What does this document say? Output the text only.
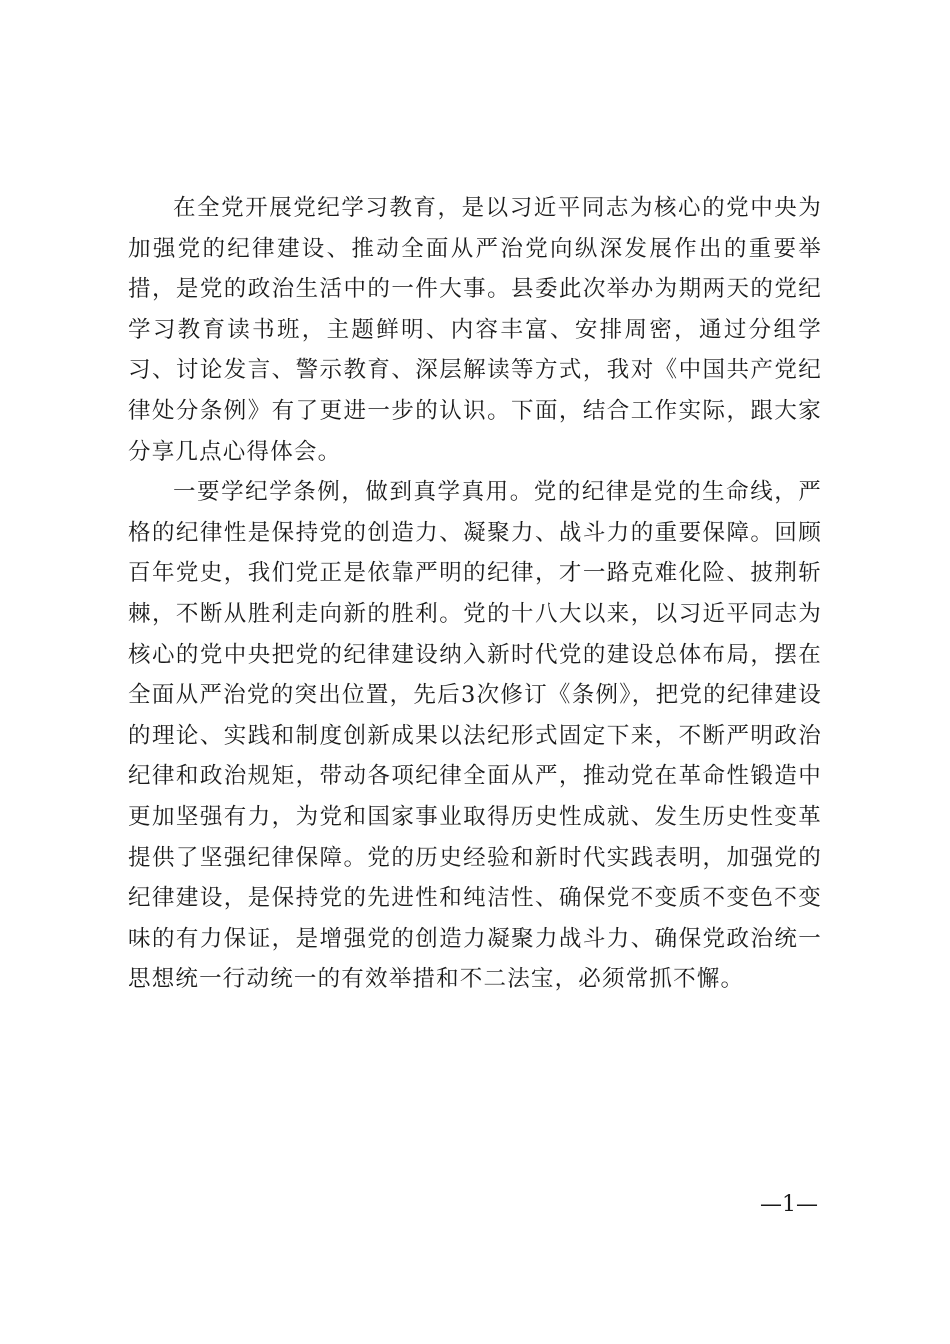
在全党开展党纪学习教育，是以习近平同志为核心的党中央为加强党的纪律建设、推动全面从严治党向纵深发展作出的重要举措，是党的政治生活中的一件大事。县委此次举办为期两天的党纪学习教育读书班，主题鲜明、内容丰富、安排周密，通过分组学习、讨论发言、警示教育、深层解读等方式，我对《中国共产党纪律处分条例》有了更进一步的认识。下面，结合工作实际，跟大家分享几点心得体会。

一要学纪学条例，做到真学真用。党的纪律是党的生命线，严格的纪律性是保持党的创造力、凝聚力、战斗力的重要保障。回顾百年党史，我们党正是依靠严明的纪律，才一路克难化险、披荆斩棘，不断从胜利走向新的胜利。党的十八大以来，以习近平同志为核心的党中央把党的纪律建设纳入新时代党的建设总体布局，摆在全面从严治党的突出位置，先后3次修订《条例》，把党的纪律建设的理论、实践和制度创新成果以法纪形式固定下来，不断严明政治纪律和政治规矩，带动各项纪律全面从严，推动党在革命性锻造中更加坚强有力，为党和国家事业取得历史性成就、发生历史性变革提供了坚强纪律保障。党的历史经验和新时代实践表明，加强党的纪律建设，是保持党的先进性和纯洁性、确保党不变质不变色不变味的有力保证，是增强党的创造力凝聚力战斗力、确保党政治统一思想统一行动统一的有效举措和不二法宝，必须常抓不懈。

—1—
